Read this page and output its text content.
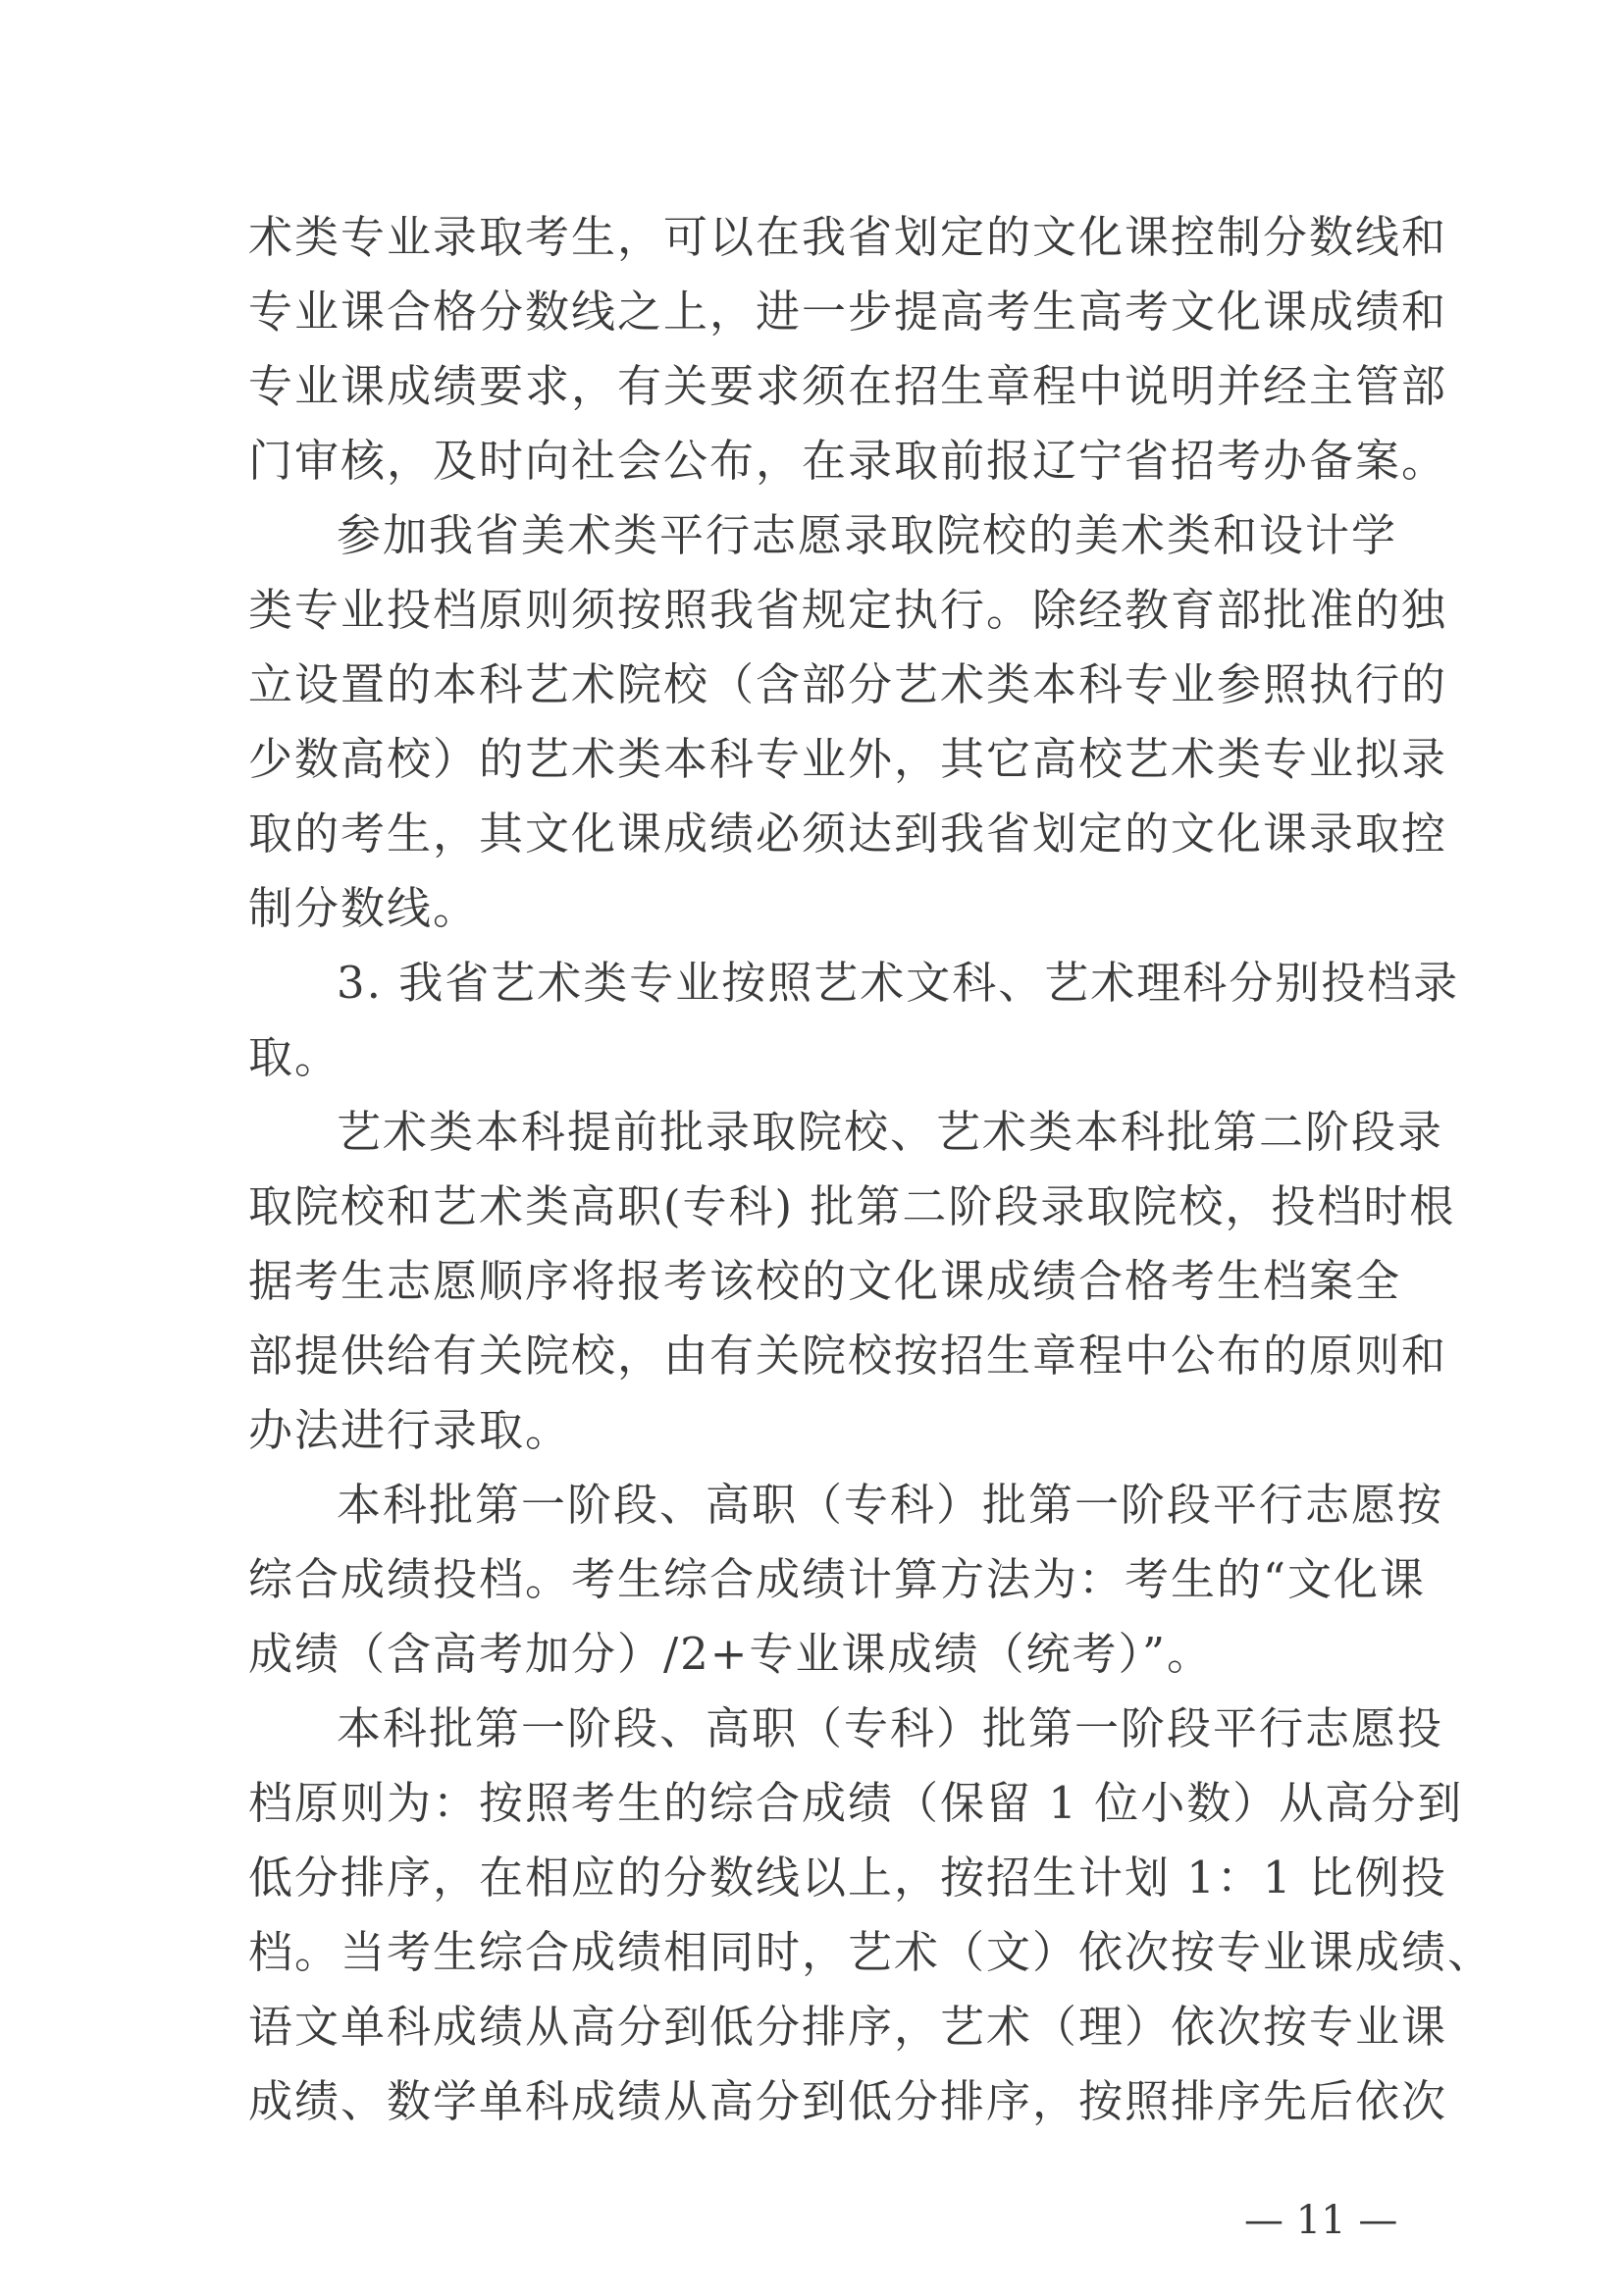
术类专业录取考生，可以在我省划定的文化课控制分数线和
专业课合格分数线之上，进一步提高考生高考文化课成绩和
专业课成绩要求，有关要求须在招生章程中说明并经主管部
门审核，及时向社会公布，在录取前报辽宁省招考办备案。
参加我省美术类平行志愿录取院校的美术类和设计学
类专业投档原则须按照我省规定执行。除经教育部批准的独
立设置的本科艺术院校（含部分艺术类本科专业参照执行的
少数高校）的艺术类本科专业外，其它高校艺术类专业拟录
取的考生，其文化课成绩必须达到我省划定的文化课录取控
制分数线。
3. 我省艺术类专业按照艺术文科、艺术理科分别投档录
取。
艺术类本科提前批录取院校、艺术类本科批第二阶段录
取院校和艺术类高职(专科) 批第二阶段录取院校，投档时根
据考生志愿顺序将报考该校的文化课成绩合格考生档案全
部提供给有关院校，由有关院校按招生章程中公布的原则和
办法进行录取。
本科批第一阶段、高职（专科）批第一阶段平行志愿按
综合成绩投档。考生综合成绩计算方法为：考生的“文化课
成绩（含高考加分）/2+专业课成绩（统考）”。
本科批第一阶段、高职（专科）批第一阶段平行志愿投
档原则为：按照考生的综合成绩（保留 1 位小数）从高分到
低分排序，在相应的分数线以上，按招生计划 1：1 比例投
档。当考生综合成绩相同时，艺术（文）依次按专业课成绩、
语文单科成绩从高分到低分排序，艺术（理）依次按专业课
成绩、数学单科成绩从高分到低分排序，按照排序先后依次
— 11 —
